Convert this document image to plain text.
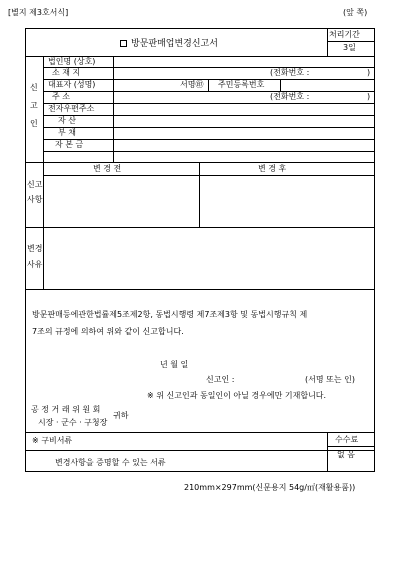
[별지 제3호서식]	(앞 쪽)
방문판매업변경신고서
처리기간
3일
신
고
인
법인명 (상호)
소 재 지	(전화번호 :	)
대표자 (성명)	서명㊞ 주민등록번호
주 소	(전화번호 :	)
전자우편주소
자 산
부 채
자 본 금
변 경 전	변 경 후
신고
사항
변경
사유
방문판매등에관한법률제5조제2항, 동법시행령 제7조제3항 및 동법시행규칙 제
7조의 규정에 의하여 위와 같이 신고합니다.
년 월 일
신고인 :	(서명 또는 인)
※ 위 신고인과 동일인이 아닐 경우에만 기재합니다.
공 정 거 래 위 원 회
시장 · 군수 · 구청장
귀하
※ 구비서류
변경사항을 증명할 수 있는 서류
수수료
없 음
210mm×297mm(신문용지 54g/㎡(재활용품))
